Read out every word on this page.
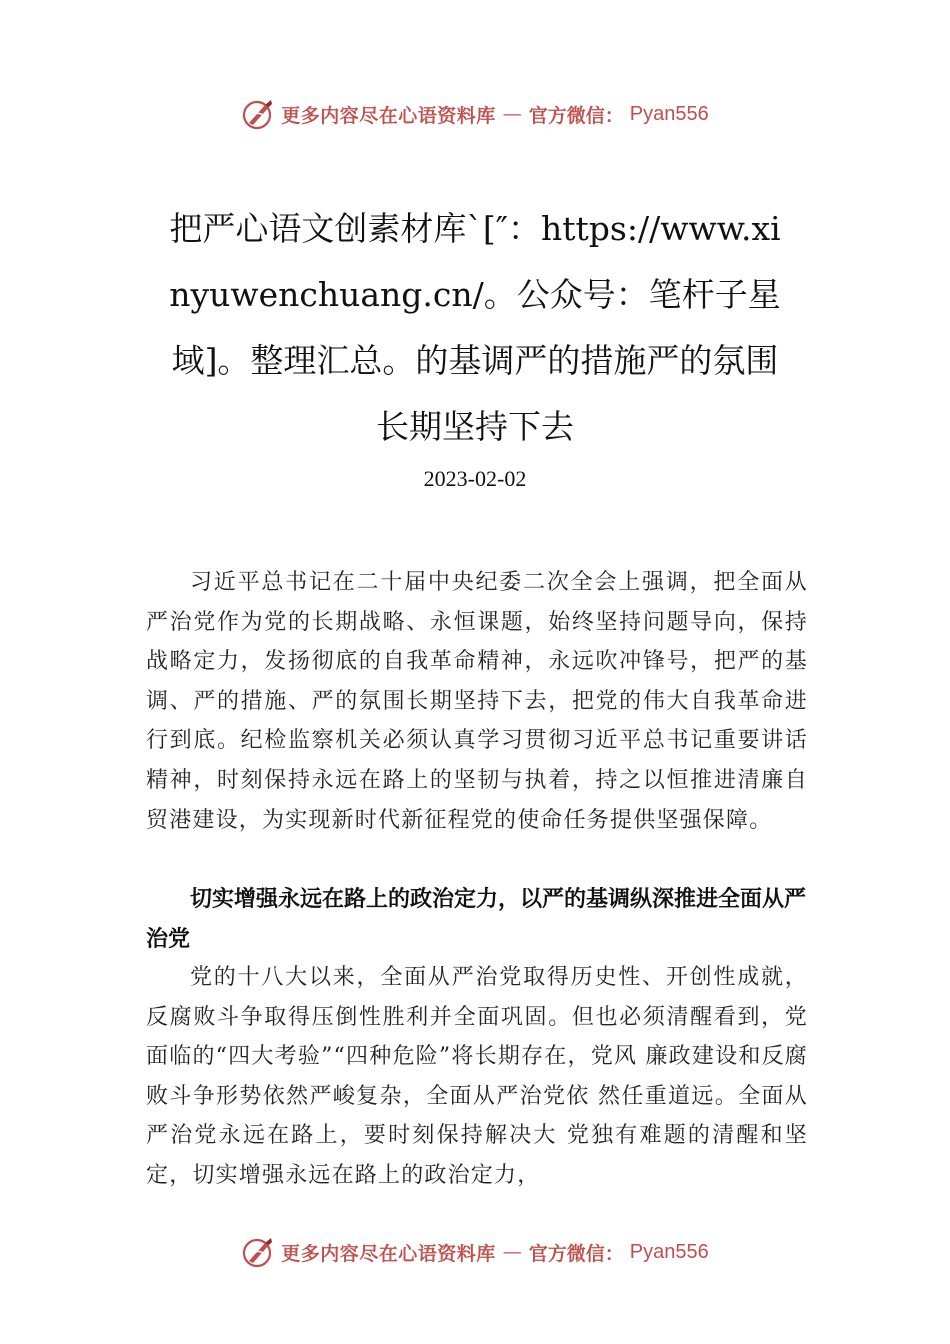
更多内容尽在心语资料库 — 官方微信： Pyan556
把严心语文创素材库`[″：https://www.xinyuwenchuang.cn/。公众号：笔杆子星域]。整理汇总。的基调严的措施严的氛围长期坚持下去
2023-02-02

习近平总书记在二十届中央纪委二次全会上强调，把全面从严治党作为党的长期战略、永恒课题，始终坚持问题导向，保持战略定力，发扬彻底的自我革命精神，永远吹冲锋号，把严的基调、严的措施、严的氛围长期坚持下去，把党的伟大自我革命进行到底。纪检监察机关必须认真学习贯彻习近平总书记重要讲话精神，时刻保持永远在路上的坚韧与执着，持之以恒推进清廉自贸港建设，为实现新时代新征程党的使命任务提供坚强保障。

切实增强永远在路上的政治定力，以严的基调纵深推进全面从严治党

党的十八大以来，全面从严治党取得历史性、开创性成就，反腐败斗争取得压倒性胜利并全面巩固。但也必须清醒看到，党面临的“四大考验”“四种危险”将长期存在，党风 廉政建设和反腐败斗争形势依然严峻复杂，全面从严治党依 然任重道远。全面从严治党永远在路上，要时刻保持解决大 党独有难题的清醒和坚定，切实增强永远在路上的政治定力，

更多内容尽在心语资料库 — 官方微信： Pyan556
